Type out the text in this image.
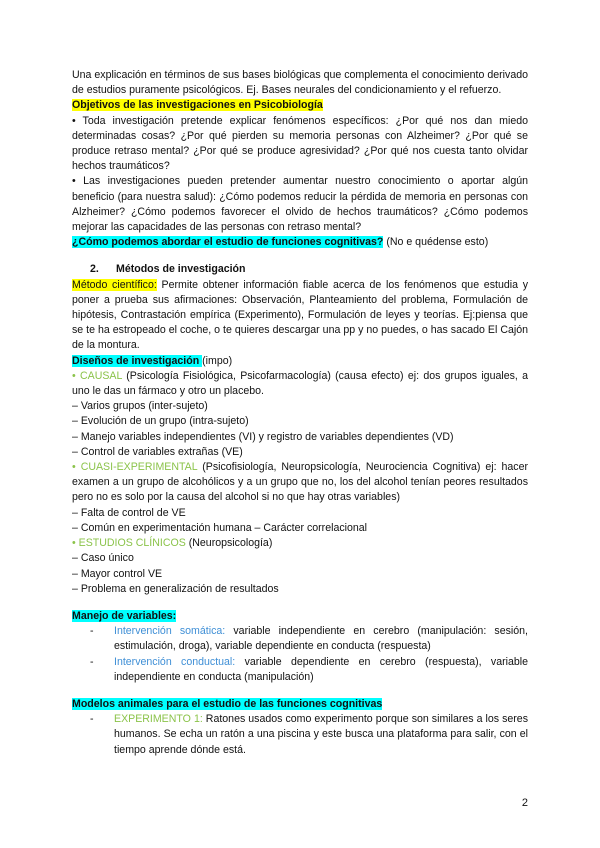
Una explicación en términos de sus bases biológicas que complementa el conocimiento derivado de estudios puramente psicológicos. Ej. Bases neurales del condicionamiento y el refuerzo.

Objetivos de las investigaciones en Psicobiología

• Toda investigación pretende explicar fenómenos específicos: ¿Por qué nos dan miedo determinadas cosas? ¿Por qué pierden su memoria personas con Alzheimer? ¿Por qué se produce retraso mental? ¿Por qué se produce agresividad? ¿Por qué nos cuesta tanto olvidar hechos traumáticos?

• Las investigaciones pueden pretender aumentar nuestro conocimiento o aportar algún beneficio (para nuestra salud): ¿Cómo podemos reducir la pérdida de memoria en personas con Alzheimer? ¿Cómo podemos favorecer el olvido de hechos traumáticos? ¿Cómo podemos mejorar las capacidades de las personas con retraso mental?

¿Cómo podemos abordar el estudio de funciones cognitivas? (No e quédense esto)

2. Métodos de investigación

Método científico: Permite obtener información fiable acerca de los fenómenos que estudia y poner a prueba sus afirmaciones: Observación, Planteamiento del problema, Formulación de hipótesis, Contrastación empírica (Experimento), Formulación de leyes y teorías. Ej:piensa que se te ha estropeado el coche, o te quieres descargar una pp y no puedes, o has sacado El Cajón de la montura.

Diseños de investigación (impo)

• CAUSAL (Psicología Fisiológica, Psicofarmacología) (causa efecto) ej: dos grupos iguales, a uno le das un fármaco y otro un placebo.

– Varios grupos (inter-sujeto)

– Evolución de un grupo (intra-sujeto)

– Manejo variables independientes (VI) y registro de variables dependientes (VD)

– Control de variables extrañas (VE)

• CUASI-EXPERIMENTAL (Psicofisiología, Neuropsicología, Neurociencia Cognitiva) ej: hacer examen a un grupo de alcohólicos y a un grupo que no, los del alcohol tenían peores resultados pero no es solo por la causa del alcohol si no que hay otras variables)

– Falta de control de VE

– Común en experimentación humana – Carácter correlacional

• ESTUDIOS CLÍNICOS (Neuropsicología)

– Caso único

– Mayor control VE

– Problema en generalización de resultados

Manejo de variables:

-	Intervención somática: variable independiente en cerebro (manipulación: sesión, estimulación, droga), variable dependiente en conducta (respuesta)
-	Intervención conductual: variable dependiente en cerebro (respuesta), variable independiente en conducta (manipulación)

Modelos animales para el estudio de las funciones cognitivas

-	EXPERIMENTO 1: Ratones usados como experimento porque son similares a los seres humanos. Se echa un ratón a una piscina y este busca una plataforma para salir, con el tiempo aprende dónde está.
2
